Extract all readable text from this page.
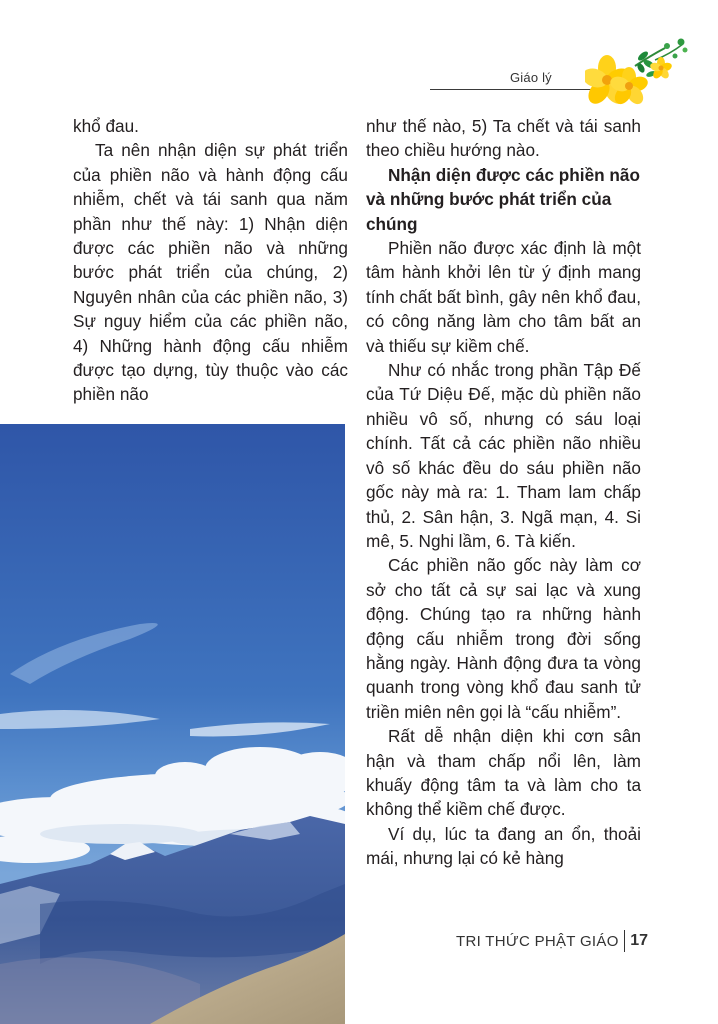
Giáo lý

khổ đau.

Ta nên nhận diện sự phát triển của phiền não và hành động cấu nhiễm, chết và tái sanh qua năm phần như thế này: 1) Nhận diện được các phiền não và những bước phát triển của chúng, 2) Nguyên nhân của các phiền não, 3) Sự nguy hiểm của các phiền não, 4) Những hành động cấu nhiễm được tạo dựng, tùy thuộc vào các phiền não

như thế nào, 5) Ta chết và tái sanh theo chiều hướng nào.

Nhận diện được các phiền não và những bước phát triển của chúng

Phiền não được xác định là một tâm hành khởi lên từ ý định mang tính chất bất bình, gây nên khổ đau, có công năng làm cho tâm bất an và thiếu sự kiềm chế.

Như có nhắc trong phần Tập Đế của Tứ Diệu Đế, mặc dù phiền não nhiều vô số, nhưng có sáu loại chính. Tất cả các phiền não nhiều vô số khác đều do sáu phiền não gốc này mà ra: 1. Tham lam chấp thủ, 2. Sân hận, 3. Ngã mạn, 4. Si mê, 5. Nghi lầm, 6. Tà kiến.

Các phiền não gốc này làm cơ sở cho tất cả sự sai lạc và xung động. Chúng tạo ra những hành động cấu nhiễm trong đời sống hằng ngày. Hành động đưa ta vòng quanh trong vòng khổ đau sanh tử triền miên nên gọi là “cấu nhiễm”.

Rất dễ nhận diện khi cơn sân hận và tham chấp nổi lên, làm khuấy động tâm ta và làm cho ta không thể kiềm chế được.

Ví dụ, lúc ta đang an ổn, thoải mái, nhưng lại có kẻ hàng

TRI THỨC PHẬT GIÁO 17
